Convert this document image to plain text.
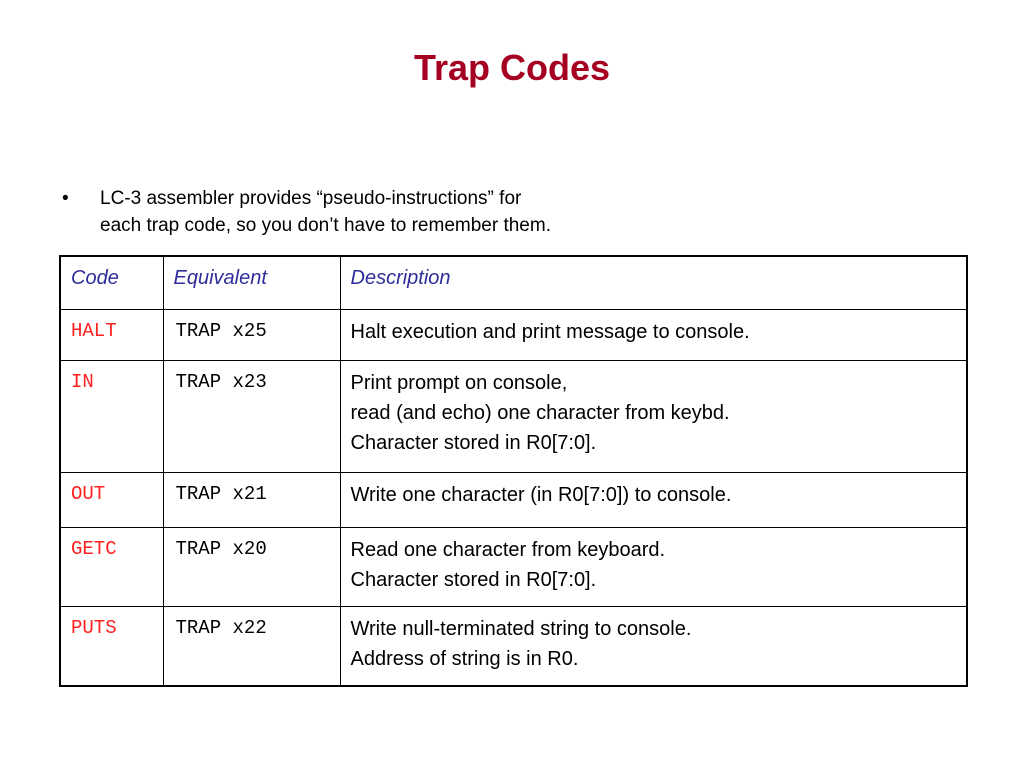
Trap Codes
•	LC-3 assembler provides “pseudo-instructions” for
each trap code, so you don’t have to remember them.
Code	Equivalent	Description
HALT	TRAP x25	Halt execution and print message to console.

IN	TRAP x23	Print prompt on console,
read (and echo) one character from keybd.
Character stored in R0[7:0].

OUT	TRAP x21	Write one character (in R0[7:0]) to console.

GETC	TRAP x20	Read one character from keyboard.
Character stored in R0[7:0].

PUTS	TRAP x22	Write null-terminated string to console.
Address of string is in R0.
